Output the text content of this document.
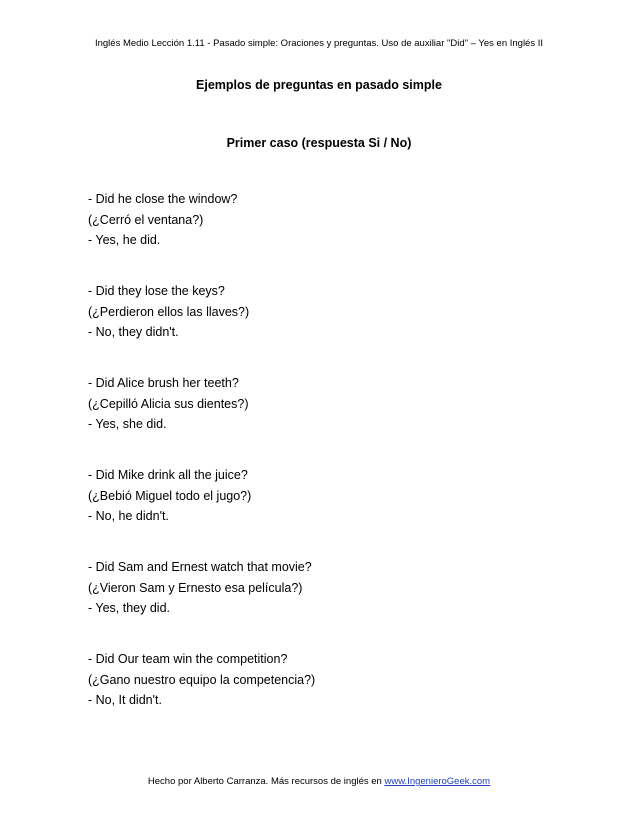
Inglés Medio Lección 1.11 - Pasado simple: Oraciones y preguntas. Uso de auxiliar "Did" – Yes en Inglés II
Ejemplos de preguntas en pasado simple
Primer caso (respuesta Si / No)
- Did he close the window?
(¿Cerró el ventana?)
- Yes, he did.
- Did they lose the keys?
(¿Perdieron ellos las llaves?)
- No, they didn't.
- Did Alice brush her teeth?
(¿Cepilló Alicia sus dientes?)
- Yes, she did.
- Did Mike drink all the juice?
(¿Bebió Miguel todo el jugo?)
- No, he didn't.
- Did Sam and Ernest watch that movie?
(¿Vieron Sam y Ernesto esa película?)
- Yes, they did.
- Did Our team win the competition?
(¿Gano nuestro equipo la competencia?)
- No, It didn't.
Hecho por Alberto Carranza. Más recursos de inglés en www.IngenieroGeek.com
